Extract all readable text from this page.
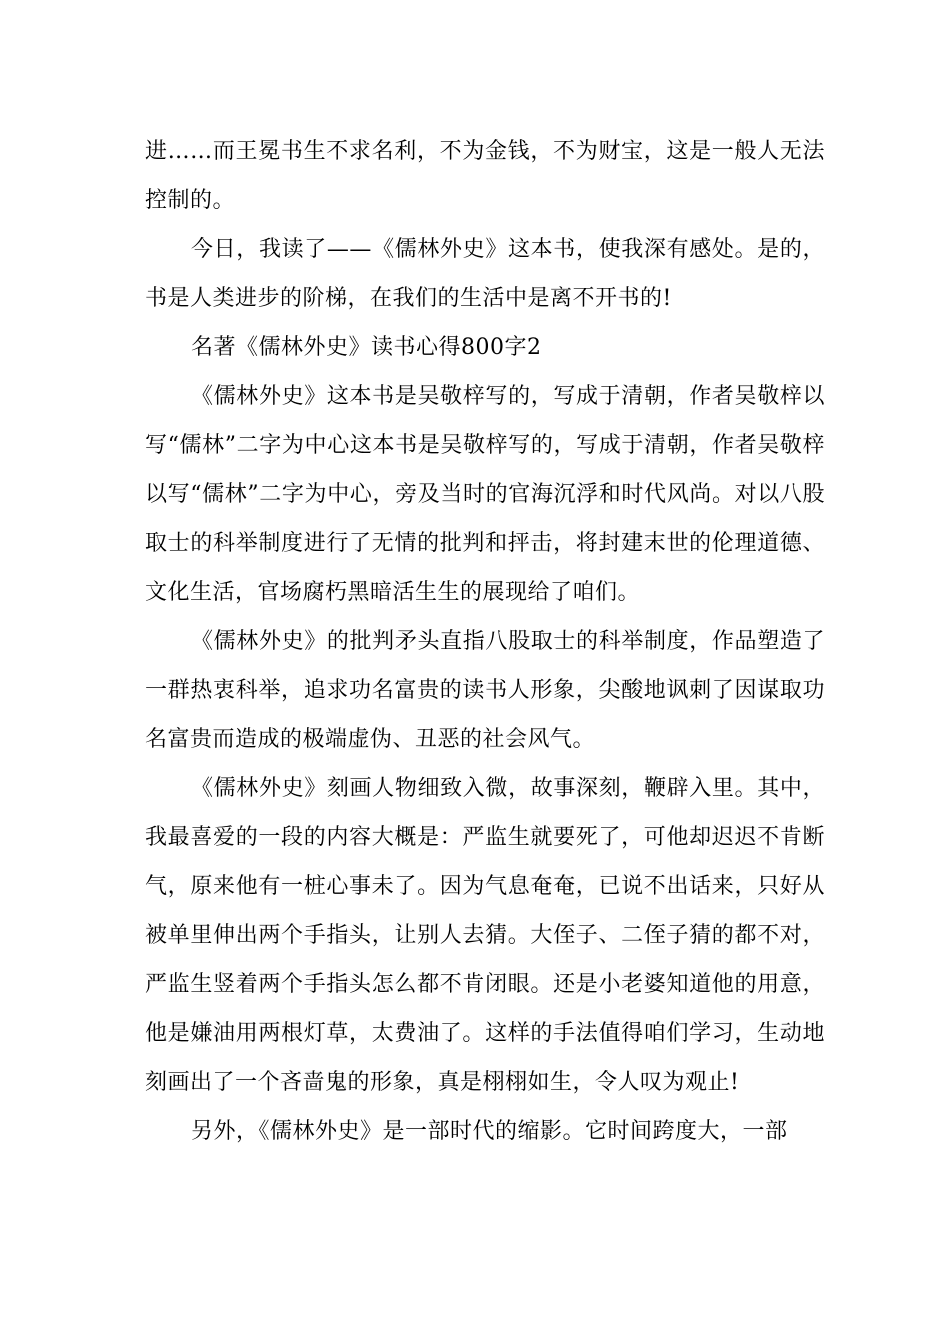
进……而王冕书生不求名利，不为金钱，不为财宝，这是一般人无法控制的。

今日，我读了——《儒林外史》这本书，使我深有感处。是的，书是人类进步的阶梯，在我们的生活中是离不开书的!

名著《儒林外史》读书心得800字2

《儒林外史》这本书是吴敬梓写的，写成于清朝，作者吴敬梓以写“儒林”二字为中心这本书是吴敬梓写的，写成于清朝，作者吴敬梓以写“儒林”二字为中心，旁及当时的官海沉浮和时代风尚。对以八股取士的科举制度进行了无情的批判和抨击，将封建末世的伦理道德、文化生活，官场腐朽黑暗活生生的展现给了咱们。

《儒林外史》的批判矛头直指八股取士的科举制度，作品塑造了一群热衷科举，追求功名富贵的读书人形象，尖酸地讽刺了因谋取功名富贵而造成的极端虚伪、丑恶的社会风气。

《儒林外史》刻画人物细致入微，故事深刻，鞭辟入里。其中，我最喜爱的一段的内容大概是：严监生就要死了，可他却迟迟不肯断气，原来他有一桩心事未了。因为气息奄奄，已说不出话来，只好从被单里伸出两个手指头，让别人去猜。大侄子、二侄子猜的都不对，严监生竖着两个手指头怎么都不肯闭眼。还是小老婆知道他的用意，他是嫌油用两根灯草，太费油了。这样的手法值得咱们学习，生动地刻画出了一个吝啬鬼的形象，真是栩栩如生，令人叹为观止!

另外，《儒林外史》是一部时代的缩影。它时间跨度大，一部
